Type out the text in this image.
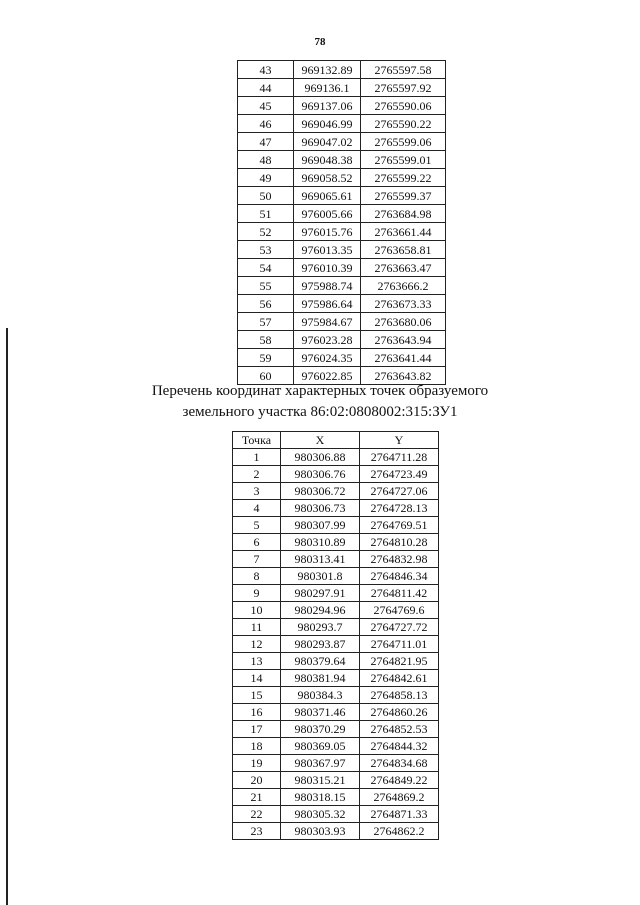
78
43	969132.89	2765597.58
44	969136.1	2765597.92
45	969137.06	2765590.06
46	969046.99	2765590.22
47	969047.02	2765599.06
48	969048.38	2765599.01
49	969058.52	2765599.22
50	969065.61	2765599.37
51	976005.66	2763684.98
52	976015.76	2763661.44
53	976013.35	2763658.81
54	976010.39	2763663.47
55	975988.74	2763666.2
56	975986.64	2763673.33
57	975984.67	2763680.06
58	976023.28	2763643.94
59	976024.35	2763641.44
60	976022.85	2763643.82
Перечень координат характерных точек образуемого
земельного участка 86:02:0808002:315:ЗУ1
Точка	X	Y
1	980306.88	2764711.28
2	980306.76	2764723.49
3	980306.72	2764727.06
4	980306.73	2764728.13
5	980307.99	2764769.51
6	980310.89	2764810.28
7	980313.41	2764832.98
8	980301.8	2764846.34
9	980297.91	2764811.42
10	980294.96	2764769.6
11	980293.7	2764727.72
12	980293.87	2764711.01
13	980379.64	2764821.95
14	980381.94	2764842.61
15	980384.3	2764858.13
16	980371.46	2764860.26
17	980370.29	2764852.53
18	980369.05	2764844.32
19	980367.97	2764834.68
20	980315.21	2764849.22
21	980318.15	2764869.2
22	980305.32	2764871.33
23	980303.93	2764862.2
